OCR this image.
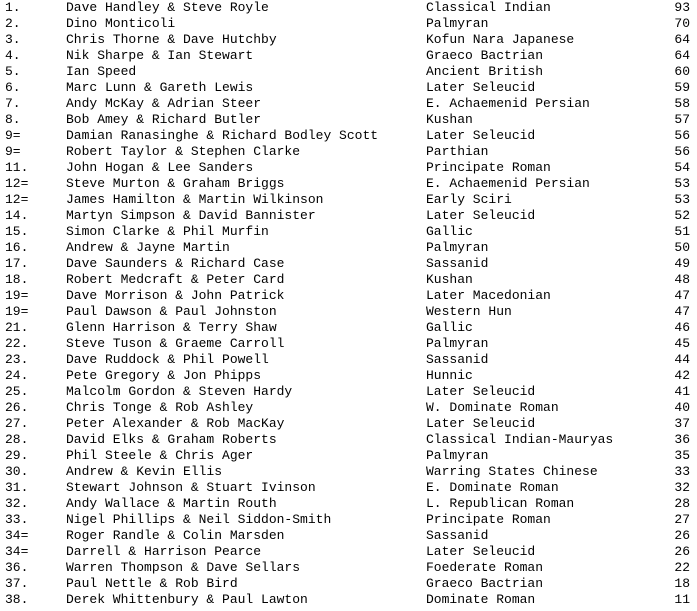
1.	Dave Handley & Steve Royle	Classical Indian	93
2.	Dino Monticoli	Palmyran	70
3.	Chris Thorne & Dave Hutchby	Kofun Nara Japanese	64
4.	Nik Sharpe & Ian Stewart	Graeco Bactrian	64
5.	Ian Speed	Ancient British	60
6.	Marc Lunn & Gareth Lewis	Later Seleucid	59
7.	Andy McKay & Adrian Steer	E. Achaemenid Persian	58
8.	Bob Amey & Richard Butler	Kushan	57
9=	Damian Ranasinghe & Richard Bodley Scott	Later Seleucid	56
9=	Robert Taylor & Stephen Clarke	Parthian	56
11.	John Hogan & Lee Sanders	Principate Roman	54
12=	Steve Murton & Graham Briggs	E. Achaemenid Persian	53
12=	James Hamilton & Martin Wilkinson	Early Sciri	53
14.	Martyn Simpson & David Bannister	Later Seleucid	52
15.	Simon Clarke & Phil Murfin	Gallic	51
16.	Andrew & Jayne Martin	Palmyran	50
17.	Dave Saunders & Richard Case	Sassanid	49
18.	Robert Medcraft & Peter Card	Kushan	48
19=	Dave Morrison & John Patrick	Later Macedonian	47
19=	Paul Dawson & Paul Johnston	Western Hun	47
21.	Glenn Harrison & Terry Shaw	Gallic	46
22.	Steve Tuson & Graeme Carroll	Palmyran	45
23.	Dave Ruddock & Phil Powell	Sassanid	44
24.	Pete Gregory & Jon Phipps	Hunnic	42
25.	Malcolm Gordon & Steven Hardy	Later Seleucid	41
26.	Chris Tonge & Rob Ashley	W. Dominate Roman	40
27.	Peter Alexander & Rob MacKay	Later Seleucid	37
28.	David Elks & Graham Roberts	Classical Indian-Mauryas	36
29.	Phil Steele & Chris Ager	Palmyran	35
30.	Andrew & Kevin Ellis	Warring States Chinese	33
31.	Stewart Johnson & Stuart Ivinson	E. Dominate Roman	32
32.	Andy Wallace & Martin Routh	L. Republican Roman	28
33.	Nigel Phillips & Neil Siddon-Smith	Principate Roman	27
34=	Roger Randle & Colin Marsden	Sassanid	26
34=	Darrell & Harrison Pearce	Later Seleucid	26
36.	Warren Thompson & Dave Sellars	Foederate Roman	22
37.	Paul Nettle & Rob Bird	Graeco Bactrian	18
38.	Derek Whittenbury & Paul Lawton	Dominate Roman	11
